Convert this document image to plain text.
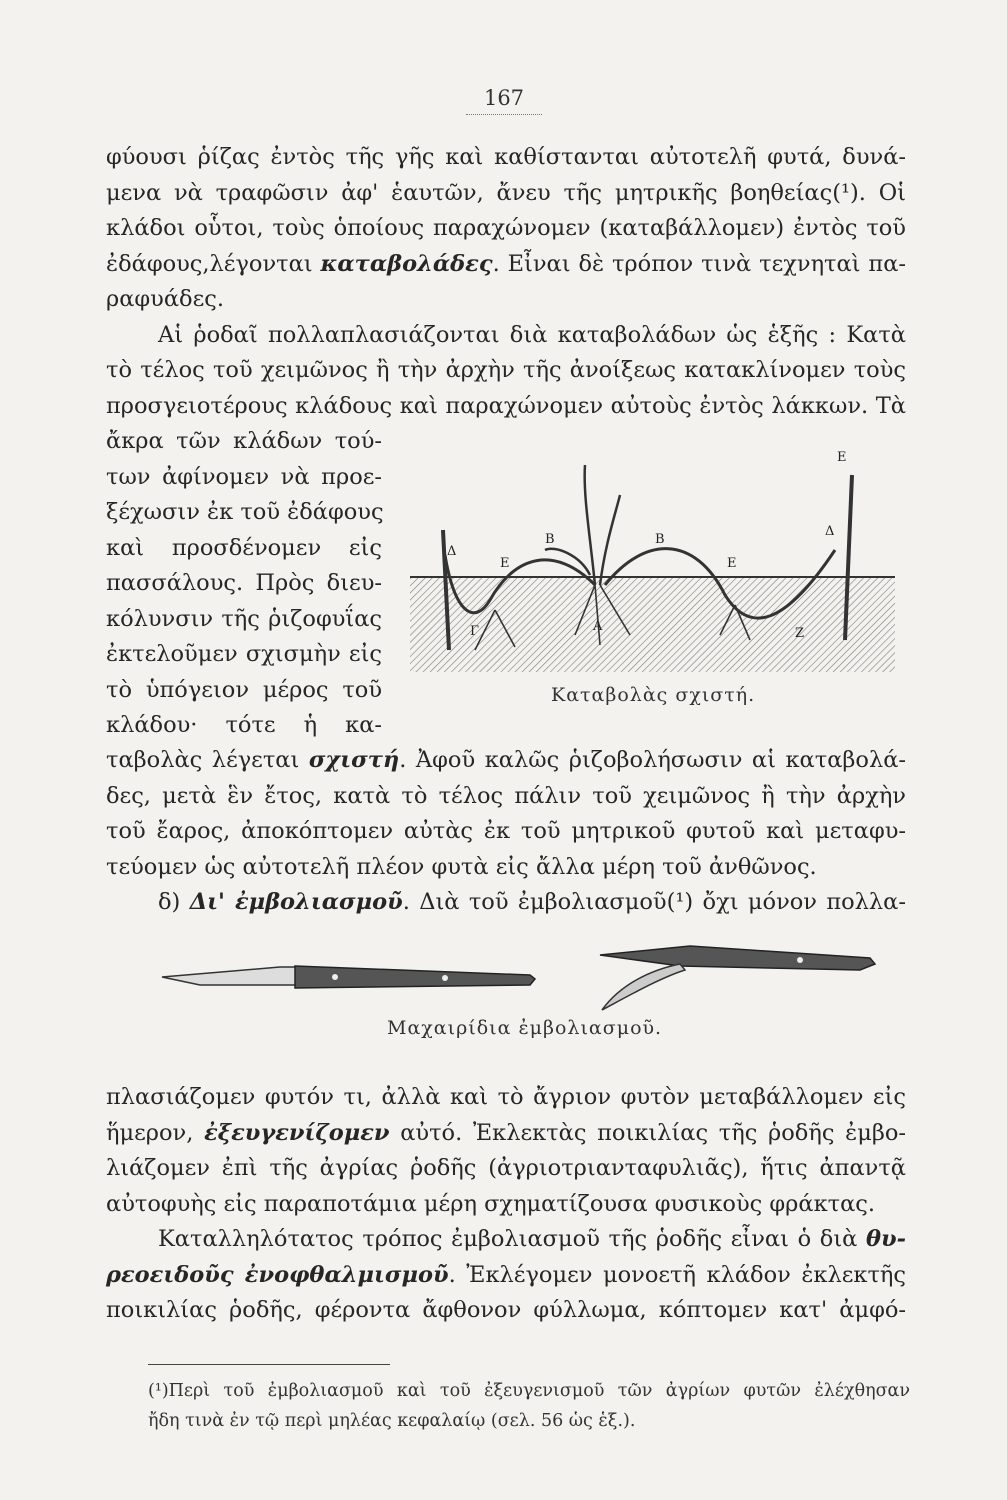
167
φύουσι ῥίζας ἐντὸς τῆς γῆς καὶ καθίστανται αὐτοτελῆ φυτά, δυνά-
μενα νὰ τραφῶσιν ἀφ' ἑαυτῶν, ἄνευ τῆς μητρικῆς βοηθείας(¹). Οἱ
κλάδοι οὗτοι, τοὺς ὁποίους παραχώνομεν (καταβάλλομεν) ἐντὸς τοῦ
ἐδάφους,λέγονται καταβολάδες. Εἶναι δὲ τρόπον τινὰ τεχνηταὶ πα-
ραφυάδες.
Αἱ ῥοδαῖ πολλαπλασιάζονται διὰ καταβολάδων ὡς ἑξῆς : Κατὰ
τὸ τέλος τοῦ χειμῶνος ἢ τὴν ἀρχὴν τῆς ἀνοίξεως κατακλίνομεν τοὺς
προσγειοτέρους κλάδους καὶ παραχώνομεν αὐτοὺς ἐντὸς λάκκων. Τὰ
ἄκρα τῶν κλάδων τού-
των ἀφίνομεν νὰ προε-
ξέχωσιν ἐκ τοῦ ἐδάφους
καὶ προσδένομεν εἰς
πασσάλους. Πρὸς διευ-
κόλυνσιν τῆς ῥιζοφυΐας
ἐκτελοῦμεν σχισμὴν εἰς
τὸ ὑπόγειον μέρος τοῦ
κλάδου· τότε ἡ κα-
Δ
Ε
Β	Β
Ε
Ε
Δ
Γ	Α	Ζ
Καταβολὰς σχιστή.
ταβολὰς λέγεται σχιστή. Ἀφοῦ καλῶς ῥιζοβολήσωσιν αἱ καταβολά-
δες, μετὰ ἓν ἔτος, κατὰ τὸ τέλος πάλιν τοῦ χειμῶνος ἢ τὴν ἀρχὴν
τοῦ ἔαρος, ἀποκόπτομεν αὐτὰς ἐκ τοῦ μητρικοῦ φυτοῦ καὶ μεταφυ-
τεύομεν ὡς αὐτοτελῆ πλέον φυτὰ εἰς ἄλλα μέρη τοῦ ἀνθῶνος.
δ) Δι' ἐμβολιασμοῦ. Διὰ τοῦ ἐμβολιασμοῦ(¹) ὄχι μόνον πολλα-
Μαχαιρίδια ἐμβολιασμοῦ.
πλασιάζομεν φυτόν τι, ἀλλὰ καὶ τὸ ἄγριον φυτὸν μεταβάλλομεν εἰς
ἥμερον, ἐξευγενίζομεν αὐτό. Ἐκλεκτὰς ποικιλίας τῆς ῥοδῆς ἐμβο-
λιάζομεν ἐπὶ τῆς ἀγρίας ῥοδῆς (ἀγριοτριανταφυλιᾶς), ἥτις ἀπαντᾷ
αὐτοφυὴς εἰς παραποτάμια μέρη σχηματίζουσα φυσικοὺς φράκτας.
Καταλληλότατος τρόπος ἐμβολιασμοῦ τῆς ῥοδῆς εἶναι ὁ διὰ θυ-
ρεοειδοῦς ἐνοφθαλμισμοῦ. Ἐκλέγομεν μονοετῆ κλάδον ἐκλεκτῆς
ποικιλίας ῥοδῆς, φέροντα ἄφθονον φύλλωμα, κόπτομεν κατ' ἀμφό-
(¹)Περὶ τοῦ ἐμβολιασμοῦ καὶ τοῦ ἐξευγενισμοῦ τῶν ἀγρίων φυτῶν ἐλέχθησαν
ἤδη τινὰ ἐν τῷ περὶ μηλέας κεφαλαίῳ (σελ. 56 ὡς ἑξ.).
